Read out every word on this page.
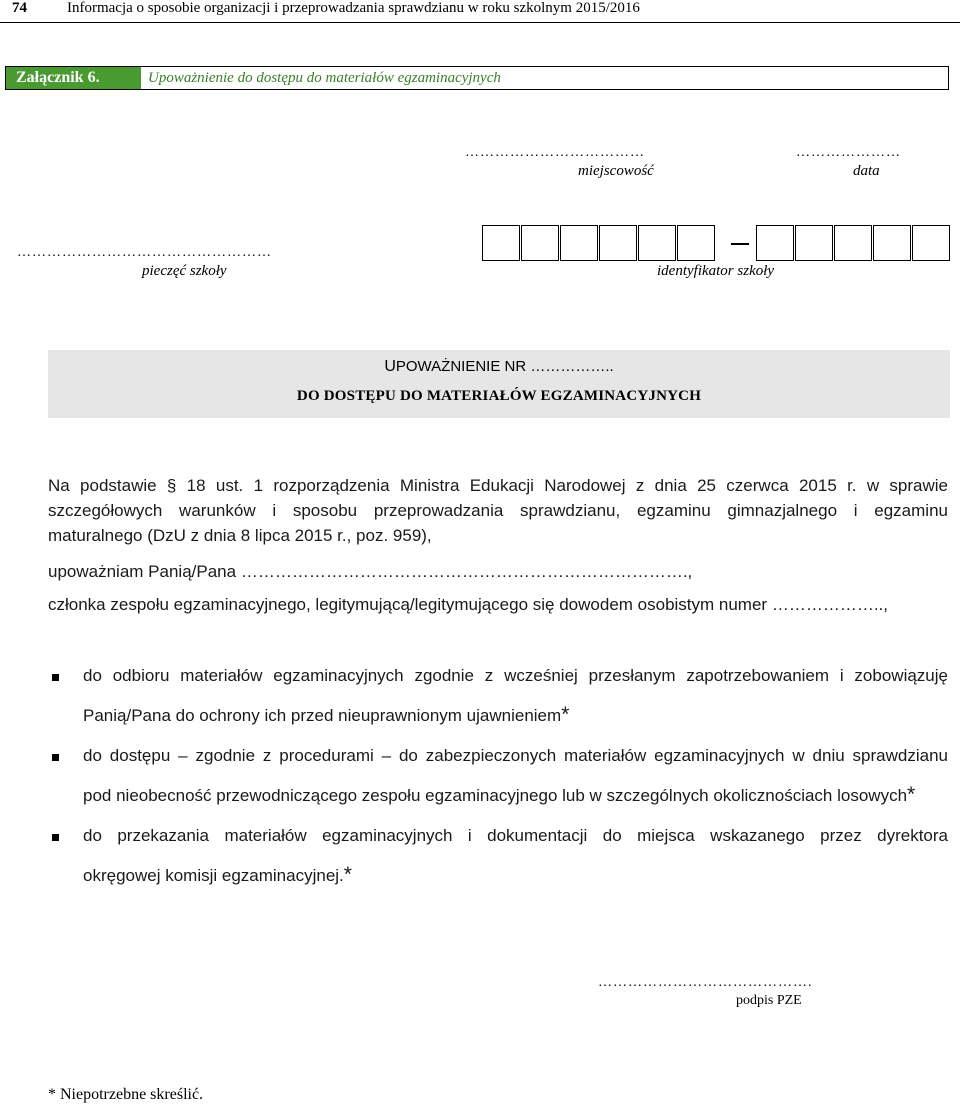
74	Informacja o sposobie organizacji i przeprowadzania sprawdzianu w roku szkolnym 2015/2016
Załącznik 6.	Upoważnienie do dostępu do materiałów egzaminacyjnych
………………………………
miejscowość
…………………
data
……………………………………………
pieczęć szkoły	identyfikator szkoły
UPOWAŻNIENIE NR ……………..
DO DOSTĘPU DO MATERIAŁÓW EGZAMINACYJNYCH
Na podstawie § 18 ust. 1 rozporządzenia Ministra Edukacji Narodowej z dnia 25 czerwca 2015 r. w sprawie
szczegółowych warunków i sposobu przeprowadzania sprawdzianu, egzaminu gimnazjalnego i egzaminu
maturalnego (DzU z dnia 8 lipca 2015 r., poz. 959),
upoważniam Panią/Pana …………………………………………………………………….,
członka zespołu egzaminacyjnego, legitymującą/legitymującego się dowodem osobistym numer ………………..,
do odbioru materiałów egzaminacyjnych zgodnie z wcześniej przesłanym zapotrzebowaniem i zobowiązuję
Panią/Pana do ochrony ich przed nieuprawnionym ujawnieniem*
do dostępu – zgodnie z procedurami – do zabezpieczonych materiałów egzaminacyjnych w dniu sprawdzianu
pod nieobecność przewodniczącego zespołu egzaminacyjnego lub w szczególnych okolicznościach losowych*
do przekazania materiałów egzaminacyjnych i dokumentacji do miejsca wskazanego przez dyrektora
okręgowej komisji egzaminacyjnej.*
…………………………………….
podpis PZE
* Niepotrzebne skreślić.
